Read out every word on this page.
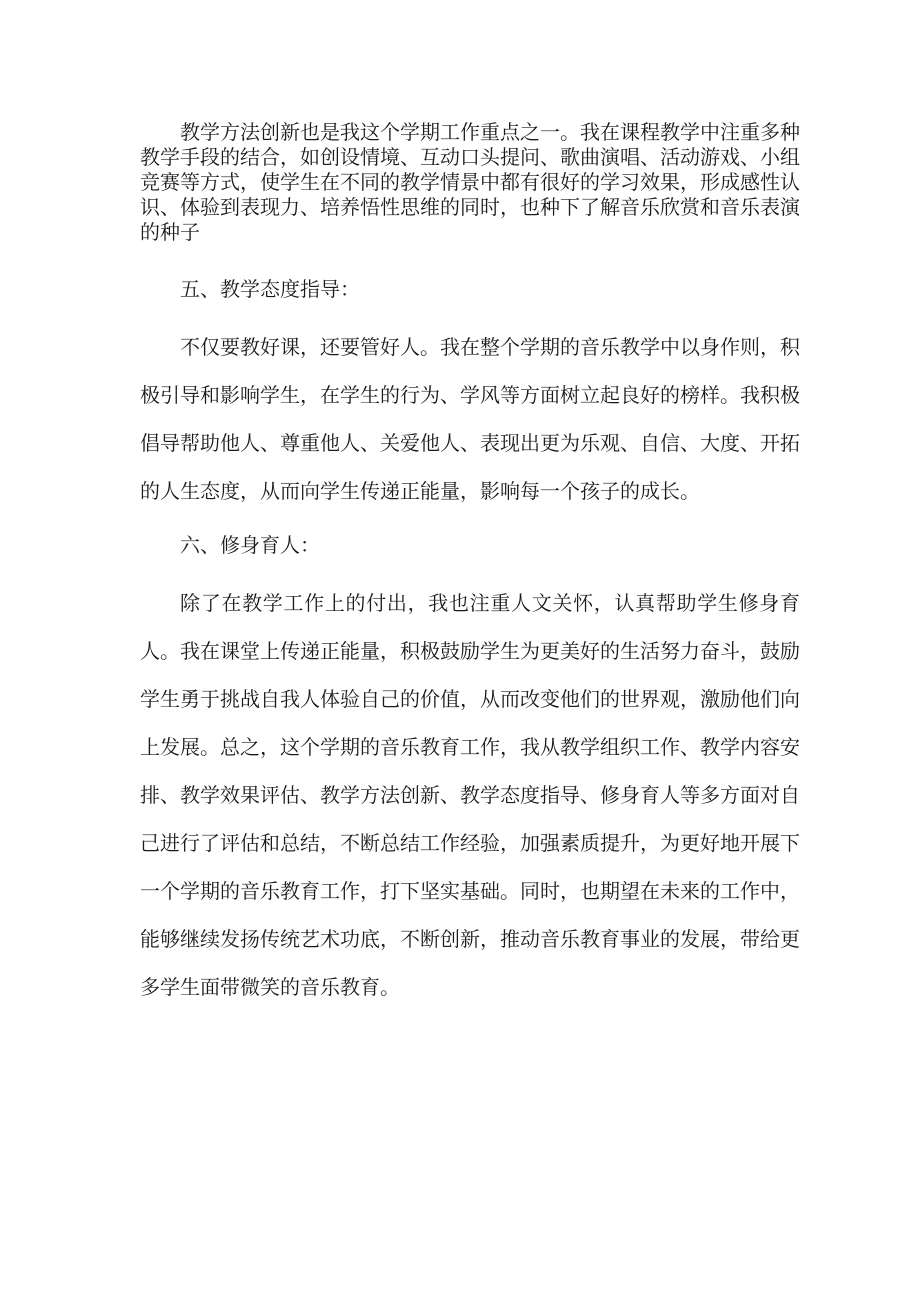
教学方法创新也是我这个学期工作重点之一。我在课程教学中注重多种教学手段的结合，如创设情境、互动口头提问、歌曲演唱、活动游戏、小组竞赛等方式，使学生在不同的教学情景中都有很好的学习效果，形成感性认识、体验到表现力、培养悟性思维的同时，也种下了解音乐欣赏和音乐表演的种子

五、教学态度指导：

不仅要教好课，还要管好人。我在整个学期的音乐教学中以身作则，积极引导和影响学生，在学生的行为、学风等方面树立起良好的榜样。我积极倡导帮助他人、尊重他人、关爱他人、表现出更为乐观、自信、大度、开拓的人生态度，从而向学生传递正能量，影响每一个孩子的成长。

六、修身育人：

除了在教学工作上的付出，我也注重人文关怀，认真帮助学生修身育人。我在课堂上传递正能量，积极鼓励学生为更美好的生活努力奋斗，鼓励学生勇于挑战自我人体验自己的价值，从而改变他们的世界观，激励他们向上发展。总之，这个学期的音乐教育工作，我从教学组织工作、教学内容安排、教学效果评估、教学方法创新、教学态度指导、修身育人等多方面对自己进行了评估和总结，不断总结工作经验，加强素质提升，为更好地开展下一个学期的音乐教育工作，打下坚实基础。同时，也期望在未来的工作中，能够继续发扬传统艺术功底，不断创新，推动音乐教育事业的发展，带给更多学生面带微笑的音乐教育。
